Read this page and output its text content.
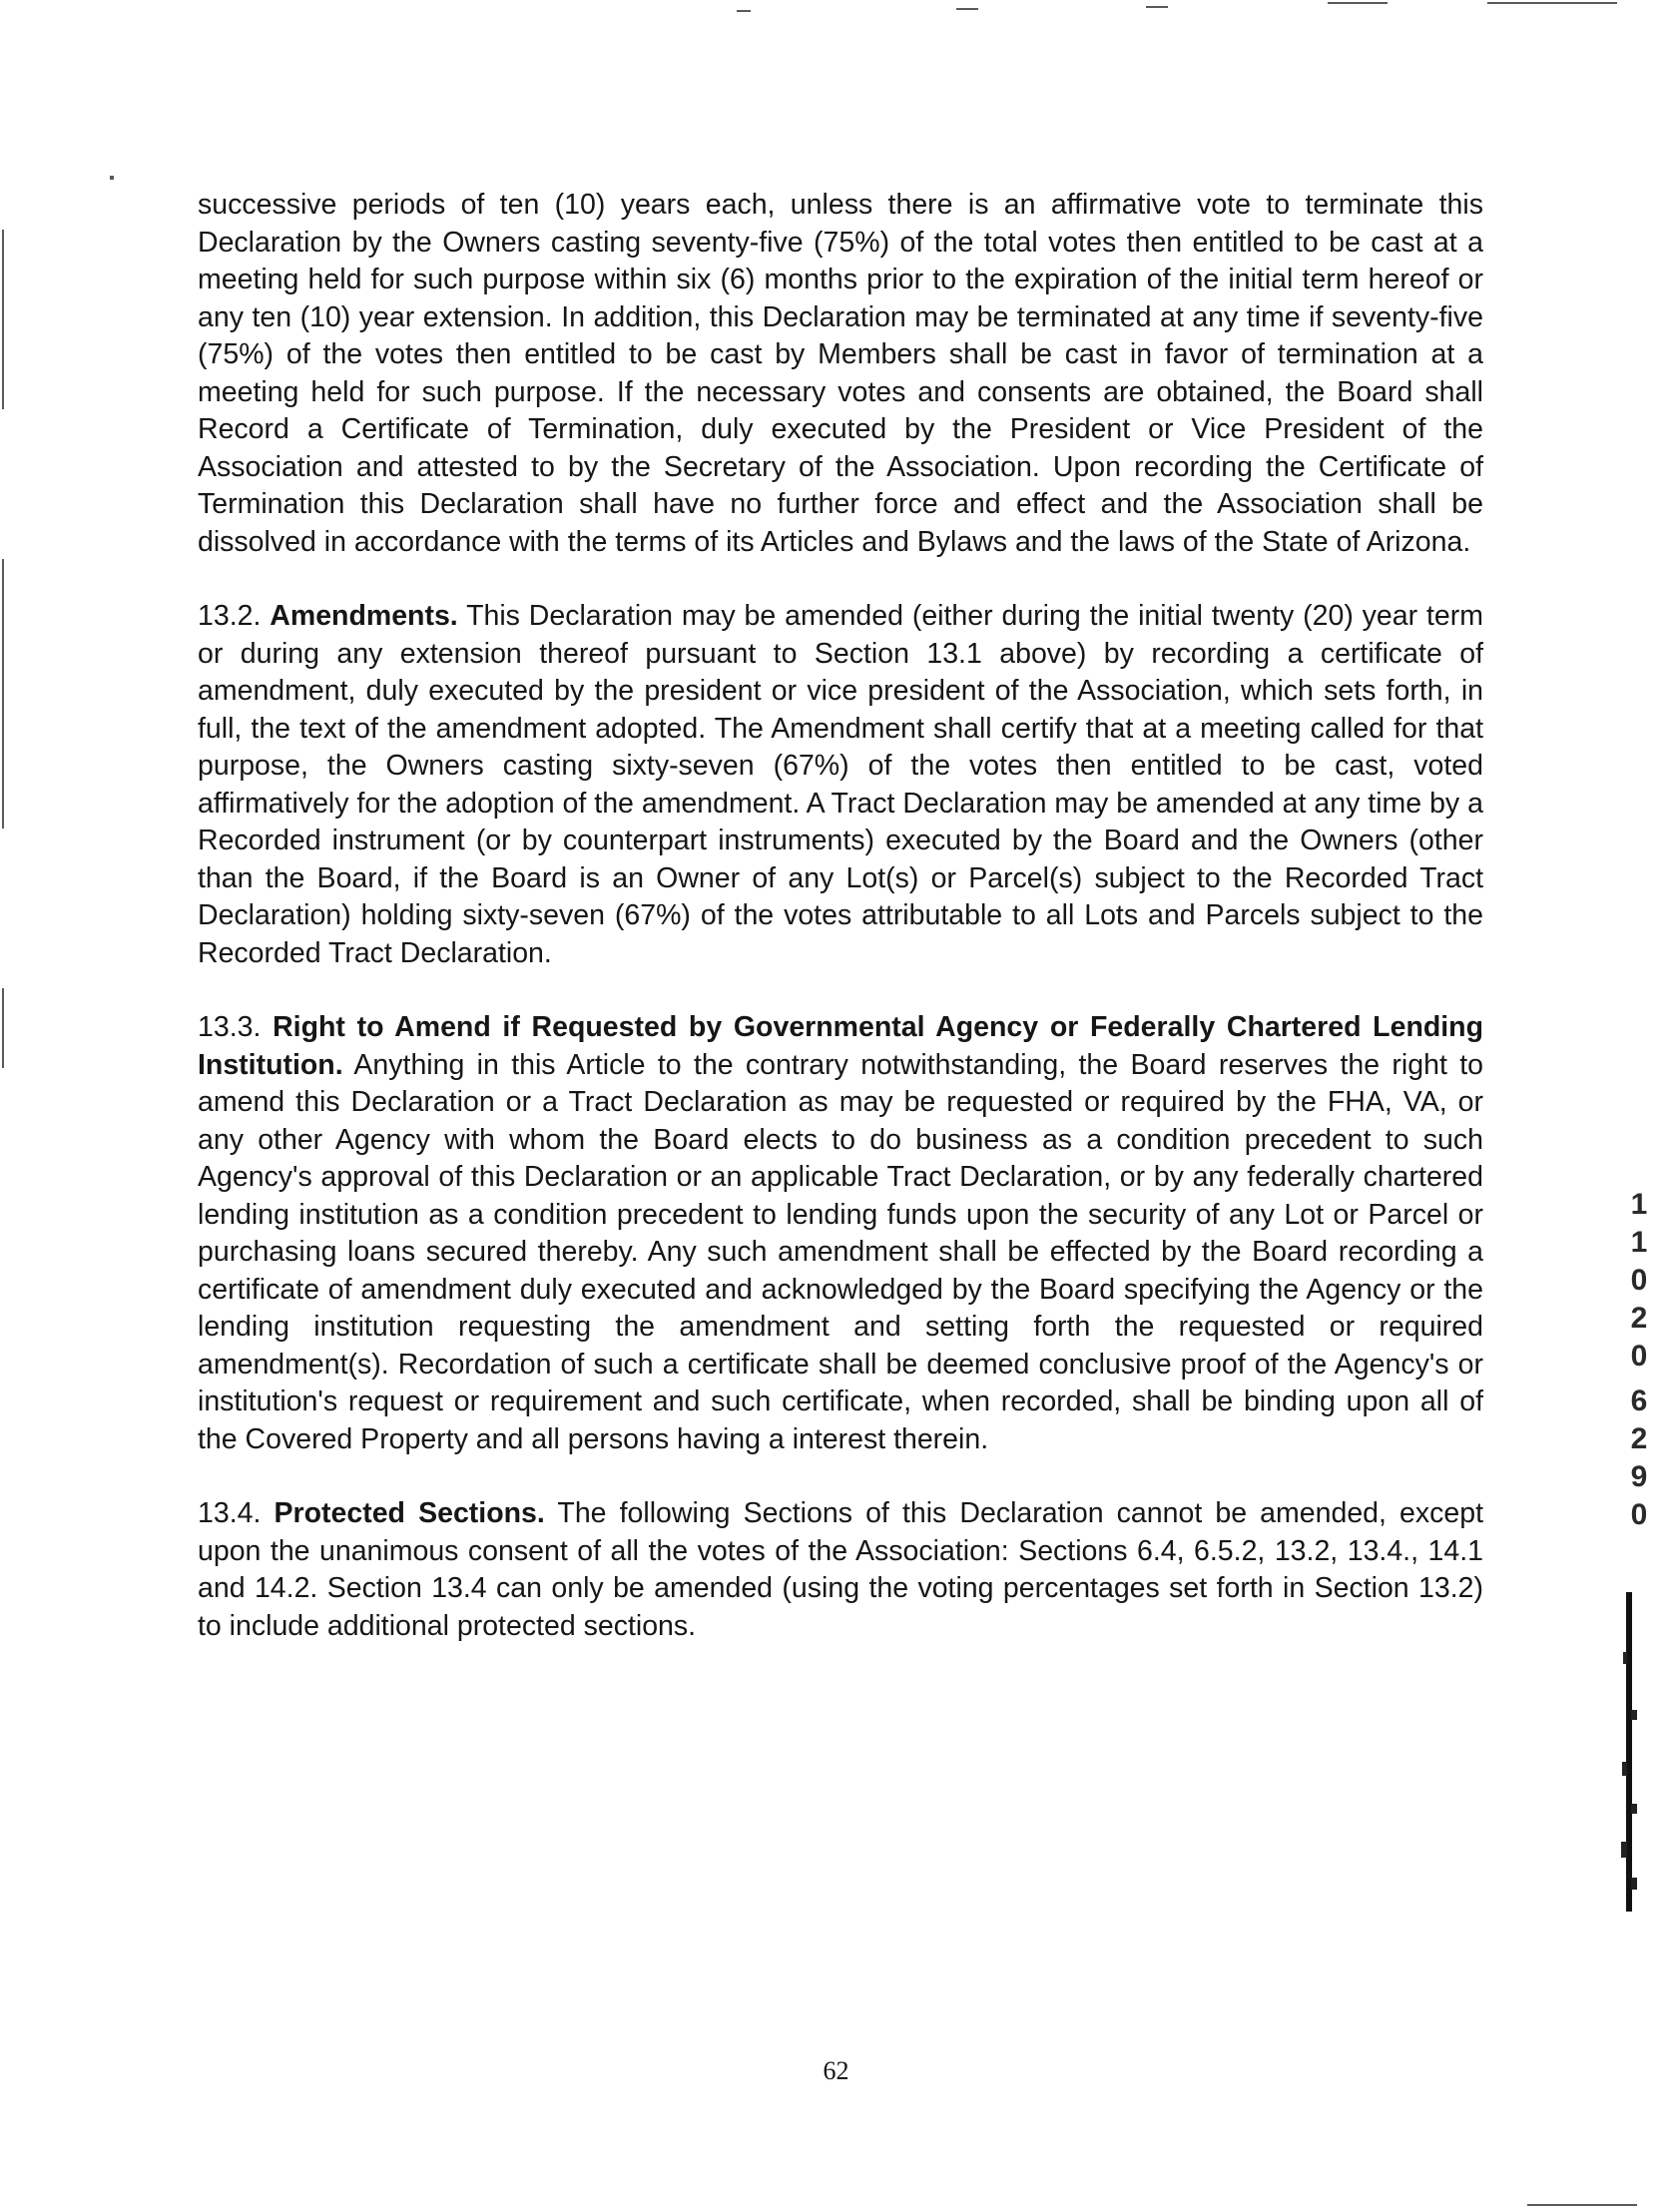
successive periods of ten (10) years each, unless there is an affirmative vote to terminate this Declaration by the Owners casting seventy-five (75%) of the total votes then entitled to be cast at a meeting held for such purpose within six (6) months prior to the expiration of the initial term hereof or any ten (10) year extension. In addition, this Declaration may be terminated at any time if seventy-five (75%) of the votes then entitled to be cast by Members shall be cast in favor of termination at a meeting held for such purpose. If the necessary votes and consents are obtained, the Board shall Record a Certificate of Termination, duly executed by the President or Vice President of the Association and attested to by the Secretary of the Association. Upon recording the Certificate of Termination this Declaration shall have no further force and effect and the Association shall be dissolved in accordance with the terms of its Articles and Bylaws and the laws of the State of Arizona.

13.2. Amendments. This Declaration may be amended (either during the initial twenty (20) year term or during any extension thereof pursuant to Section 13.1 above) by recording a certificate of amendment, duly executed by the president or vice president of the Association, which sets forth, in full, the text of the amendment adopted. The Amendment shall certify that at a meeting called for that purpose, the Owners casting sixty-seven (67%) of the votes then entitled to be cast, voted affirmatively for the adoption of the amendment. A Tract Declaration may be amended at any time by a Recorded instrument (or by counterpart instruments) executed by the Board and the Owners (other than the Board, if the Board is an Owner of any Lot(s) or Parcel(s) subject to the Recorded Tract Declaration) holding sixty-seven (67%) of the votes attributable to all Lots and Parcels subject to the Recorded Tract Declaration.

13.3. Right to Amend if Requested by Governmental Agency or Federally Chartered Lending Institution. Anything in this Article to the contrary notwithstanding, the Board reserves the right to amend this Declaration or a Tract Declaration as may be requested or required by the FHA, VA, or any other Agency with whom the Board elects to do business as a condition precedent to such Agency's approval of this Declaration or an applicable Tract Declaration, or by any federally chartered lending institution as a condition precedent to lending funds upon the security of any Lot or Parcel or purchasing loans secured thereby. Any such amendment shall be effected by the Board recording a certificate of amendment duly executed and acknowledged by the Board specifying the Agency or the lending institution requesting the amendment and setting forth the requested or required amendment(s). Recordation of such a certificate shall be deemed conclusive proof of the Agency's or institution's request or requirement and such certificate, when recorded, shall be binding upon all of the Covered Property and all persons having a interest therein.

13.4. Protected Sections. The following Sections of this Declaration cannot be amended, except upon the unanimous consent of all the votes of the Association: Sections 6.4, 6.5.2, 13.2, 13.4., 14.1 and 14.2. Section 13.4 can only be amended (using the voting percentages set forth in Section 13.2) to include additional protected sections.

62
1
1
0
2
0
6
2
9
0
